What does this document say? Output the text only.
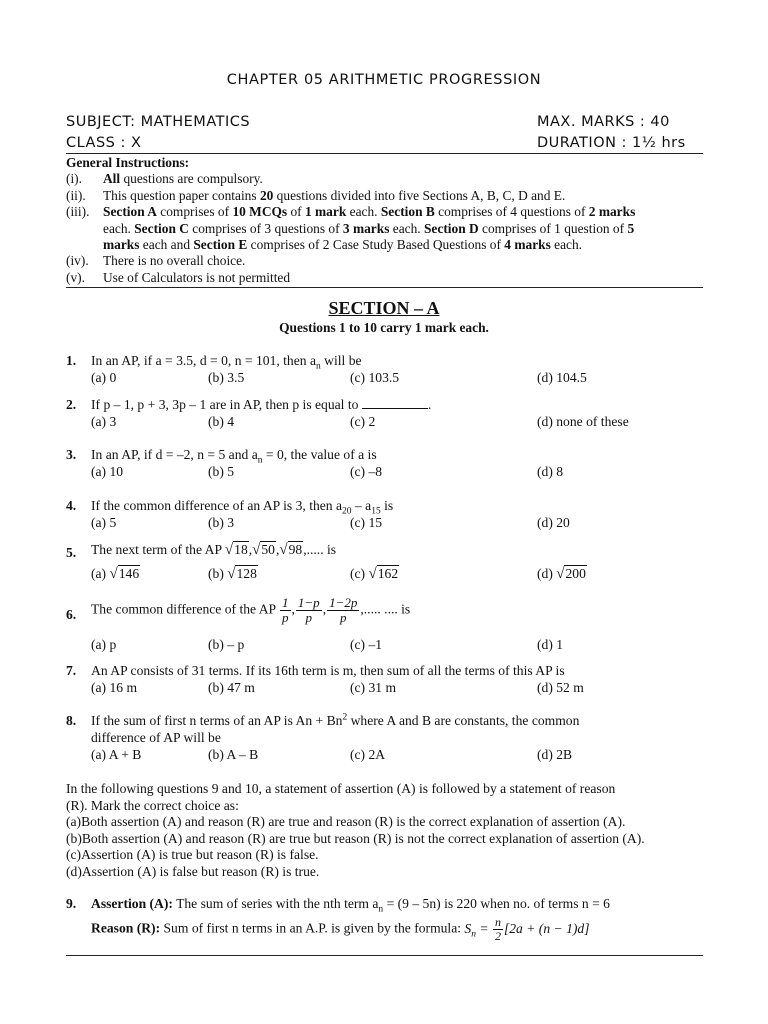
CHAPTER 05 ARITHMETIC PROGRESSION
SUBJECT: MATHEMATICS	MAX. MARKS : 40
CLASS : X	DURATION : 1½ hrs
General Instructions:
(i). All questions are compulsory.
(ii). This question paper contains 20 questions divided into five Sections A, B, C, D and E.
(iii). Section A comprises of 10 MCQs of 1 mark each. Section B comprises of 4 questions of 2 marks
each. Section C comprises of 3 questions of 3 marks each. Section D comprises of 1 question of 5
marks each and Section E comprises of 2 Case Study Based Questions of 4 marks each.
(iv). There is no overall choice.
(v). Use of Calculators is not permitted
SECTION – A
Questions 1 to 10 carry 1 mark each.
1. In an AP, if a = 3.5, d = 0, n = 101, then $a_n$ will be
(a) 0	(b) 3.5	(c) 103.5	(d) 104.5
2. If p – 1, p + 3, 3p – 1 are in AP, then p is equal to	.
(a) 3	(b) 4	(c) 2	(d) none of these
3. In an AP, if d = –2, n = 5 and $a_n = 0$, the value of a is
(a) 10	(b) 5	(c) –8	(d) 8
4. If the common difference of an AP is 3, then $a_{20} - a_{15}$ is
(a) 5	(b) 3	(c) 15	(d) 20
5. The next term of the AP √18,√50,√98,..... is
(a) √146	(b) √128	(c) √162	(d) √200
6. The common difference of the AP $\frac{1}{p}$ , $\frac{1-p}{p}$ , $\frac{1-2p}{p}$ ,..... .... is
(a) p	(b) – p	(c) –1	(d) 1
7. An AP consists of 31 terms. If its 16th term is m, then sum of all the terms of this AP is
(a) 16 m	(b) 47 m	(c) 31 m	(d) 52 m
8. If the sum of first n terms of an AP is $An + Bn^2$ where A and B are constants, the common
difference of AP will be
(a) A + B	(b) A – B	(c) 2A	(d) 2B
In the following questions 9 and 10, a statement of assertion (A) is followed by a statement of reason
(R). Mark the correct choice as:
(a)Both assertion (A) and reason (R) are true and reason (R) is the correct explanation of assertion (A).
(b)Both assertion (A) and reason (R) are true but reason (R) is not the correct explanation of assertion (A).
(c)Assertion (A) is true but reason (R) is false.
(d)Assertion (A) is false but reason (R) is true.
9. Assertion (A): The sum of series with the nth term $a_n = (9 - 5n)$ is 220 when no. of terms n = 6
Reason (R): Sum of first n terms in an A.P. is given by the formula: $S_n = \frac{n}{2} [2a + (n - 1)d]$
